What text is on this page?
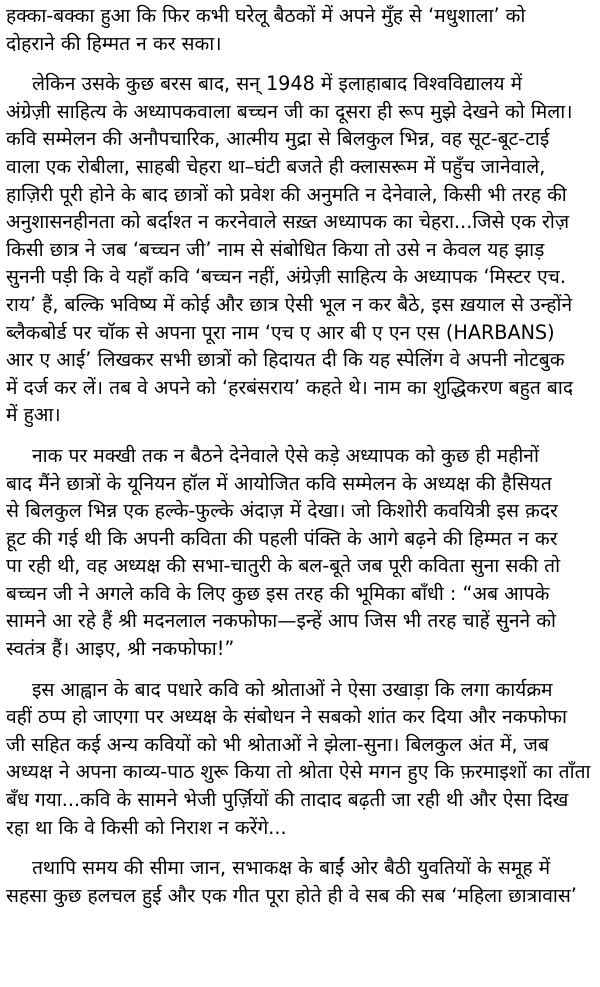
हक्का-बक्का हुआ कि फिर कभी घरेलू बैठकों में अपने मुँह से ‘मधुशाला’ को
दोहराने की हिम्मत न कर सका।
लेकिन उसके कुछ बरस बाद, सन् 1948 में इलाहाबाद विश्वविद्यालय में
अंग्रेज़ी साहित्य के अध्यापकवाला बच्चन जी का दूसरा ही रूप मुझे देखने को मिला।
कवि सम्मेलन की अनौपचारिक, आत्मीय मुद्रा से बिलकुल भिन्न, वह सूट-बूट-टाई
वाला एक रोबीला, साहबी चेहरा था–घंटी बजते ही क्लासरूम में पहुँच जानेवाले,
हाज़िरी पूरी होने के बाद छात्रों को प्रवेश की अनुमति न देनेवाले, किसी भी तरह की
अनुशासनहीनता को बर्दाश्त न करनेवाले सख़्त अध्यापक का चेहरा...जिसे एक रोज़
किसी छात्र ने जब ‘बच्चन जी’ नाम से संबोधित किया तो उसे न केवल यह झाड़
सुननी पड़ी कि वे यहाँ कवि ‘बच्चन नहीं, अंग्रेज़ी साहित्य के अध्यापक ‘मिस्टर एच.
राय’ हैं, बल्कि भविष्य में कोई और छात्र ऐसी भूल न कर बैठे, इस ख़याल से उन्होंने
ब्लैकबोर्ड पर चॉक से अपना पूरा नाम ‘एच ए आर बी ए एन एस (HARBANS)
आर ए आई’ लिखकर सभी छात्रों को हिदायत दी कि यह स्पेलिंग वे अपनी नोटबुक
में दर्ज कर लें। तब वे अपने को ‘हरबंसराय’ कहते थे। नाम का शुद्धिकरण बहुत बाद
में हुआ।
नाक पर मक्खी तक न बैठने देनेवाले ऐसे कड़े अध्यापक को कुछ ही महीनों
बाद मैंने छात्रों के यूनियन हॉल में आयोजित कवि सम्मेलन के अध्यक्ष की हैसियत
से बिलकुल भिन्न एक हल्के-फुल्के अंदाज़ में देखा। जो किशोरी कवयित्री इस क़दर
हूट की गई थी कि अपनी कविता की पहली पंक्ति के आगे बढ़ने की हिम्मत न कर
पा रही थी, वह अध्यक्ष की सभा-चातुरी के बल-बूते जब पूरी कविता सुना सकी तो
बच्चन जी ने अगले कवि के लिए कुछ इस तरह की भूमिका बाँधी : “अब आपके
सामने आ रहे हैं श्री मदनलाल नकफोफा—इन्हें आप जिस भी तरह चाहें सुनने को
स्वतंत्र हैं। आइए, श्री नकफोफा!”
इस आह्वान के बाद पधारे कवि को श्रोताओं ने ऐसा उखाड़ा कि लगा कार्यक्रम
वहीं ठप्प हो जाएगा पर अध्यक्ष के संबोधन ने सबको शांत कर दिया और नकफोफा
जी सहित कई अन्य कवियों को भी श्रोताओं ने झेला-सुना। बिलकुल अंत में, जब
अध्यक्ष ने अपना काव्य-पाठ शुरू किया तो श्रोता ऐसे मगन हुए कि फ़रमाइशों का ताँता
बँध गया...कवि के सामने भेजी पुर्ज़ियों की तादाद बढ़ती जा रही थी और ऐसा दिख
रहा था कि वे किसी को निराश न करेंगे...
तथापि समय की सीमा जान, सभाकक्ष के बाईं ओर बैठी युवतियों के समूह में
सहसा कुछ हलचल हुई और एक गीत पूरा होते ही वे सब की सब ‘महिला छात्रावास’
